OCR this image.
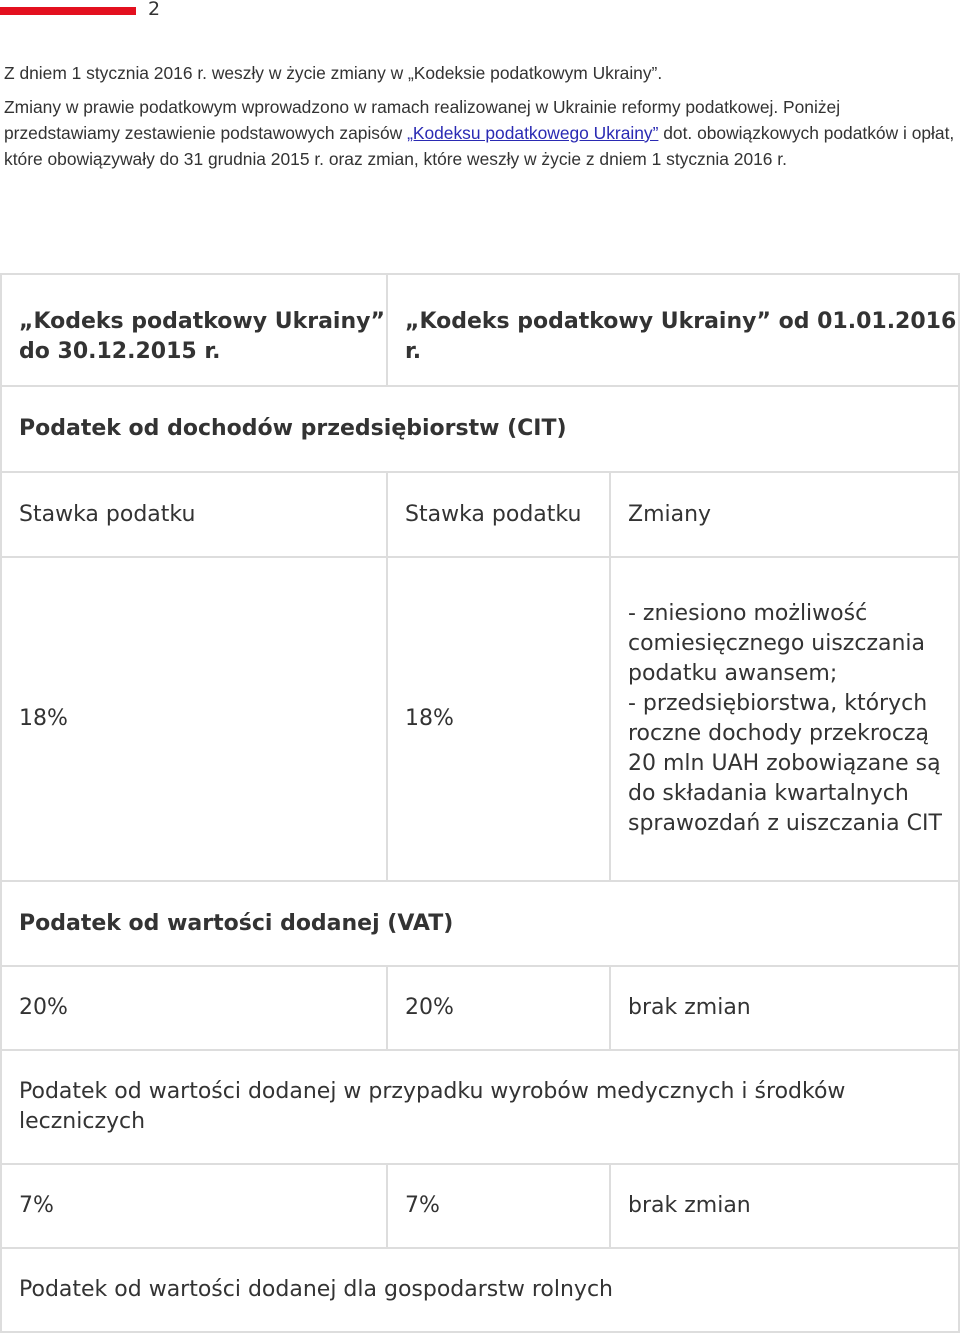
2

Z dniem 1 stycznia 2016 r. weszły w życie zmiany w „Kodeksie podatkowym Ukrainy”.

Zmiany w prawie podatkowym wprowadzono w ramach realizowanej w Ukrainie reformy podatkowej. Poniżej przedstawiamy zestawienie podstawowych zapisów „Kodeksu podatkowego Ukrainy” dot. obowiązkowych podatków i opłat, które obowiązywały do 31 grudnia 2015 r. oraz zmian, które weszły w życie z dniem 1 stycznia 2016 r.

„Kodeks podatkowy Ukrainy” do 30.12.2015 r.	„Kodeks podatkowy Ukrainy” od 01.01.2016 r.	
Podatek od dochodów przedsiębiorstw (CIT)		
Stawka podatku	Stawka podatku	Zmiany
18%	18%	- zniesiono możliwość comiesięcznego uiszczania podatku awansem;
- przedsiębiorstwa, których roczne dochody przekroczą 20 mln UAH zobowiązane są do składania kwartalnych sprawozdań z uiszczania CIT

Podatek od wartości dodanej (VAT)		
20%	20%	brak zmian
Podatek od wartości dodanej w przypadku wyrobów medycznych i środków leczniczych		
7%	7%	brak zmian
Podatek od wartości dodanej dla gospodarstw rolnych		
